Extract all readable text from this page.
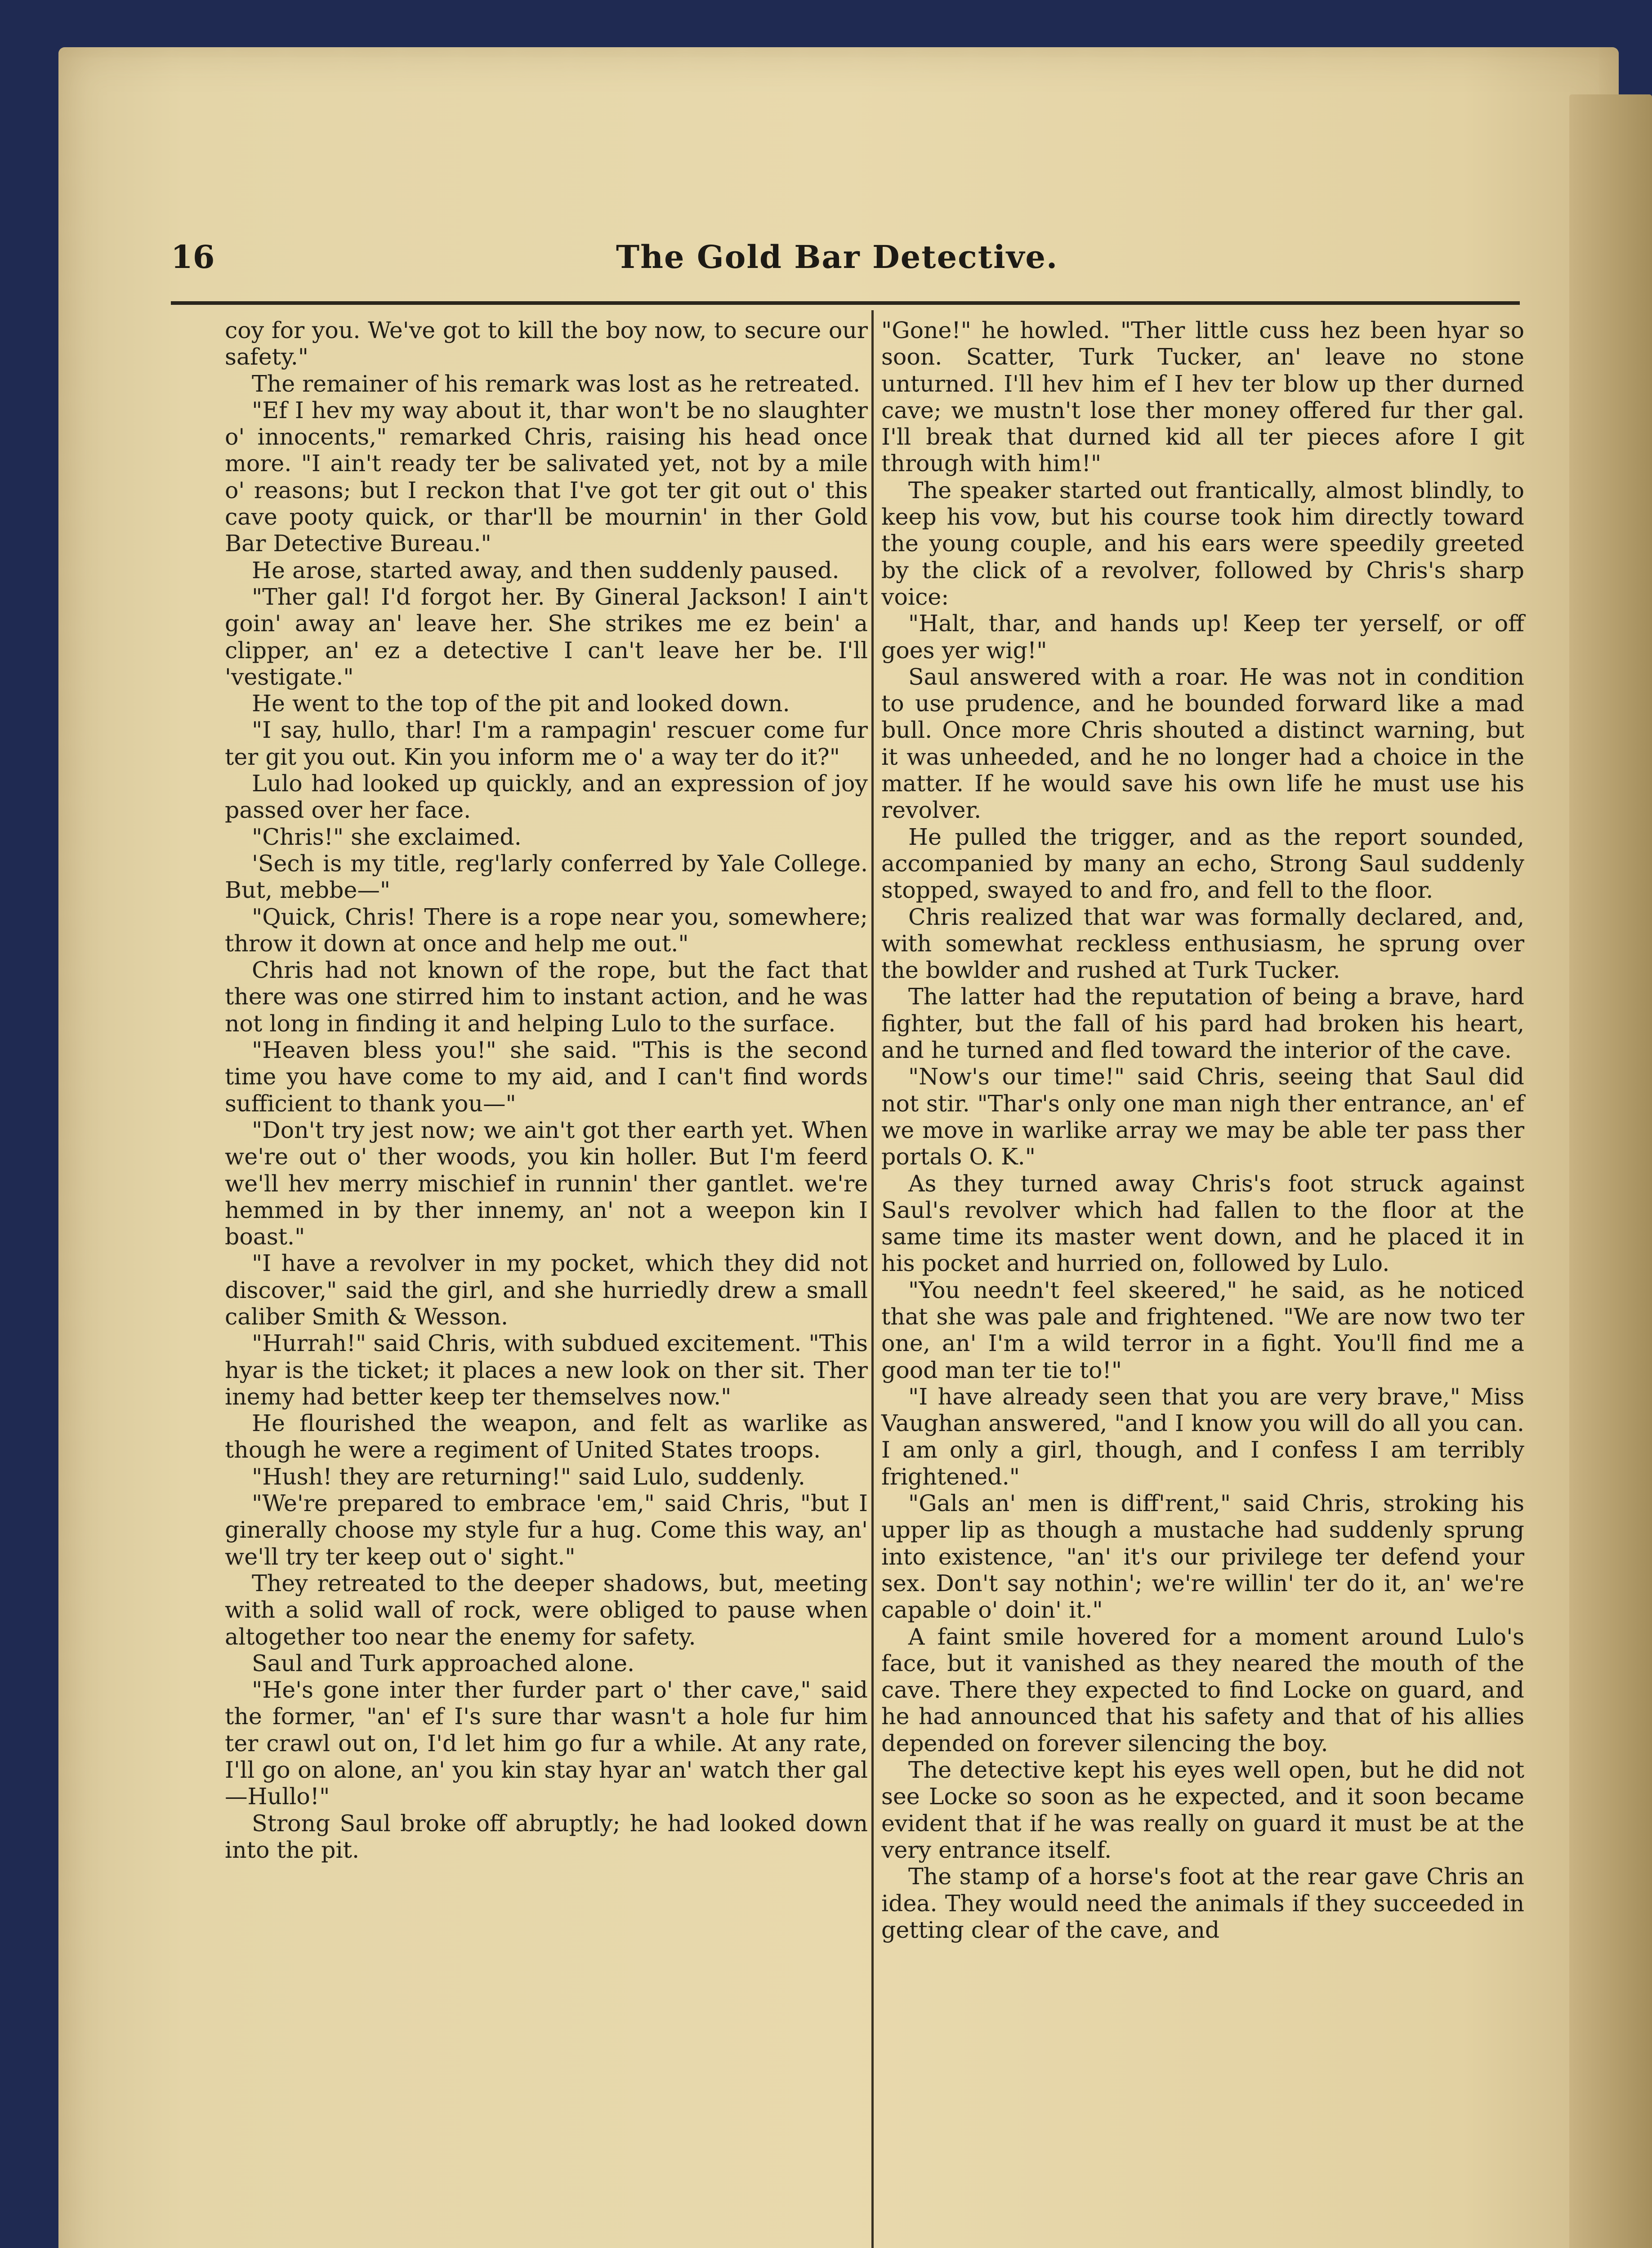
16	The Gold Bar Detective.

coy for you. We've got to kill the boy now, to secure our safety."

The remainer of his remark was lost as he retreated.

"Ef I hev my way about it, thar won't be no slaughter o' innocents," remarked Chris, raising his head once more. "I ain't ready ter be salivated yet, not by a mile o' reasons; but I reckon that I've got ter git out o' this cave pooty quick, or thar'll be mournin' in ther Gold Bar Detective Bureau."

He arose, started away, and then suddenly paused.

"Ther gal! I'd forgot her. By Gineral Jackson! I ain't goin' away an' leave her. She strikes me ez bein' a clipper, an' ez a detective I can't leave her be. I'll 'vestigate."

He went to the top of the pit and looked down.

"I say, hullo, thar! I'm a rampagin' rescuer come fur ter git you out. Kin you inform me o' a way ter do it?"

Lulo had looked up quickly, and an expression of joy passed over her face.

"Chris!" she exclaimed.

'Sech is my title, reg'larly conferred by Yale College. But, mebbe—"

"Quick, Chris! There is a rope near you, somewhere; throw it down at once and help me out."

Chris had not known of the rope, but the fact that there was one stirred him to instant action, and he was not long in finding it and helping Lulo to the surface.

"Heaven bless you!" she said. "This is the second time you have come to my aid, and I can't find words sufficient to thank you—"

"Don't try jest now; we ain't got ther earth yet. When we're out o' ther woods, you kin holler. But I'm feerd we'll hev merry mischief in runnin' ther gantlet. we're hemmed in by ther innemy, an' not a weepon kin I boast."

"I have a revolver in my pocket, which they did not discover," said the girl, and she hurriedly drew a small caliber Smith & Wesson.

"Hurrah!" said Chris, with subdued excitement. "This hyar is the ticket; it places a new look on ther sit. Ther inemy had better keep ter themselves now."

He flourished the weapon, and felt as warlike as though he were a regiment of United States troops.

"Hush! they are returning!" said Lulo, suddenly.

"We're prepared to embrace 'em," said Chris, "but I ginerally choose my style fur a hug. Come this way, an' we'll try ter keep out o' sight."

They retreated to the deeper shadows, but, meeting with a solid wall of rock, were obliged to pause when altogether too near the enemy for safety.

Saul and Turk approached alone.

"He's gone inter ther furder part o' ther cave," said the former, "an' ef I's sure thar wasn't a hole fur him ter crawl out on, I'd let him go fur a while. At any rate, I'll go on alone, an' you kin stay hyar an' watch ther gal —Hullo!"

Strong Saul broke off abruptly; he had looked down into the pit.

"Gone!" he howled. "Ther little cuss hez been hyar so soon. Scatter, Turk Tucker, an' leave no stone unturned. I'll hev him ef I hev ter blow up ther durned cave; we mustn't lose ther money offered fur ther gal. I'll break that durned kid all ter pieces afore I git through with him!"

The speaker started out frantically, almost blindly, to keep his vow, but his course took him directly toward the young couple, and his ears were speedily greeted by the click of a revolver, followed by Chris's sharp voice:

"Halt, thar, and hands up! Keep ter yerself, or off goes yer wig!"

Saul answered with a roar. He was not in condition to use prudence, and he bounded forward like a mad bull. Once more Chris shouted a distinct warning, but it was unheeded, and he no longer had a choice in the matter. If he would save his own life he must use his revolver.

He pulled the trigger, and as the report sounded, accompanied by many an echo, Strong Saul suddenly stopped, swayed to and fro, and fell to the floor.

Chris realized that war was formally declared, and, with somewhat reckless enthusiasm, he sprung over the bowlder and rushed at Turk Tucker.

The latter had the reputation of being a brave, hard fighter, but the fall of his pard had broken his heart, and he turned and fled toward the interior of the cave.

"Now's our time!" said Chris, seeing that Saul did not stir. "Thar's only one man nigh ther entrance, an' ef we move in warlike array we may be able ter pass ther portals O. K."

As they turned away Chris's foot struck against Saul's revolver which had fallen to the floor at the same time its master went down, and he placed it in his pocket and hurried on, followed by Lulo.

"You needn't feel skeered," he said, as he noticed that she was pale and frightened. "We are now two ter one, an' I'm a wild terror in a fight. You'll find me a good man ter tie to!"

"I have already seen that you are very brave," Miss Vaughan answered, "and I know you will do all you can. I am only a girl, though, and I confess I am terribly frightened."

"Gals an' men is diff'rent," said Chris, stroking his upper lip as though a mustache had suddenly sprung into existence, "an' it's our privilege ter defend your sex. Don't say nothin'; we're willin' ter do it, an' we're capable o' doin' it."

A faint smile hovered for a moment around Lulo's face, but it vanished as they neared the mouth of the cave. There they expected to find Locke on guard, and he had announced that his safety and that of his allies depended on forever silencing the boy.

The detective kept his eyes well open, but he did not see Locke so soon as he expected, and it soon became evident that if he was really on guard it must be at the very entrance itself.

The stamp of a horse's foot at the rear gave Chris an idea. They would need the animals if they succeeded in getting clear of the cave, and
